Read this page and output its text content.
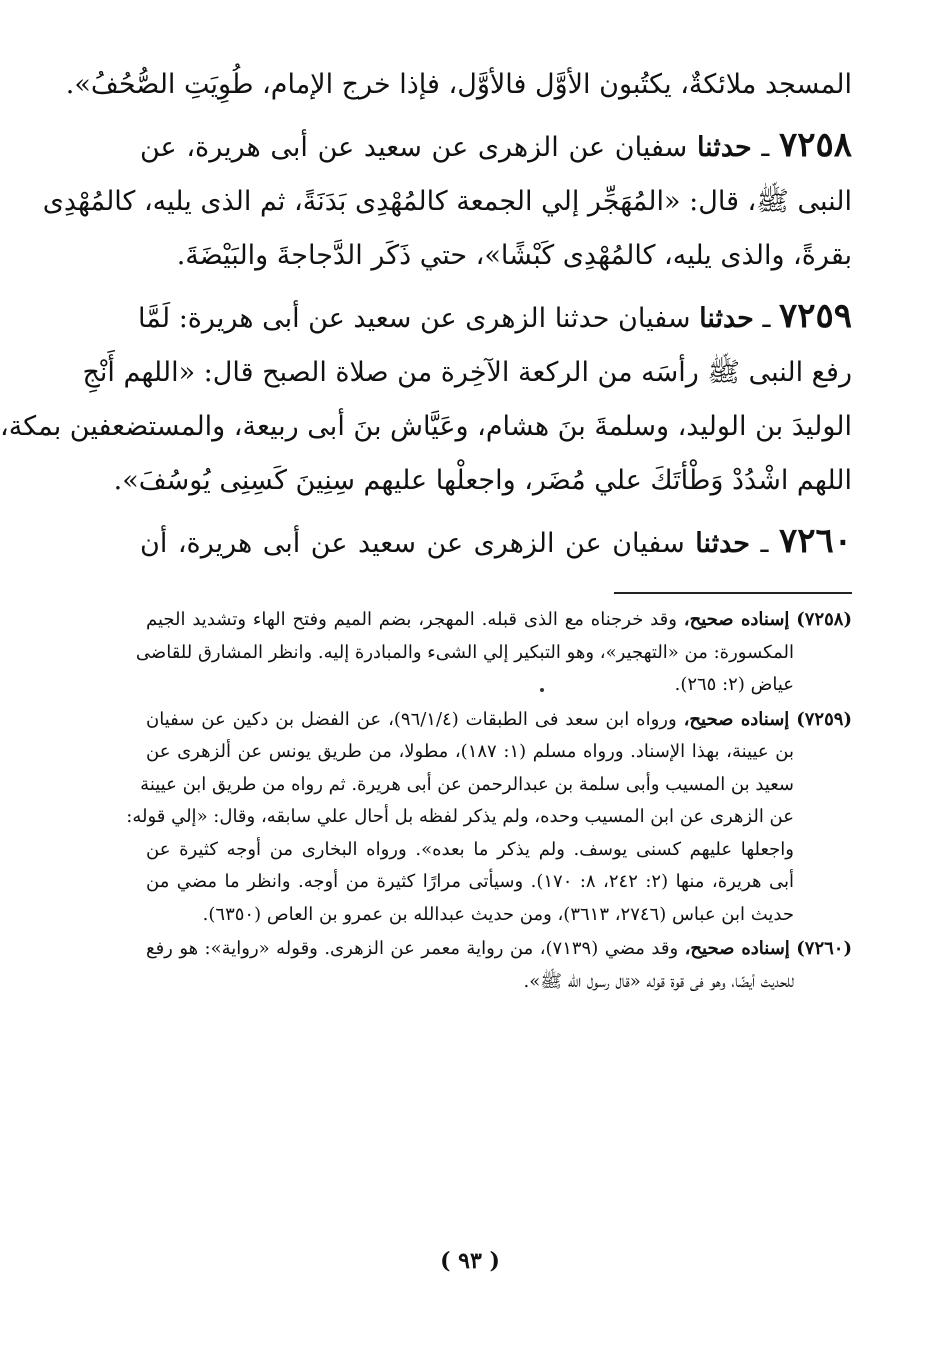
المسجد ملائكةٌ، يكتُبون الأوَّل فالأوَّل، فإذا خرج الإمام، طُوِيَتِ الصُّحُفُ».
٧٢٥٨ ـ حدثنا سفيان عن الزهرى عن سعيد عن أبى هريرة، عن
النبى ﷺ، قال: «المُهَجِّر إلي الجمعة كالمُهْدِى بَدَنَةً، ثم الذى يليه، كالمُهْدِى
بقرةً، والذى يليه، كالمُهْدِى كَبْشًا»، حتي ذَكَر الدَّجاجةَ والبَيْضَةَ.
٧٢٥٩ ـ حدثنا سفيان حدثنا الزهرى عن سعيد عن أبى هريرة: لَمَّا
رفع النبى ﷺ رأسَه من الركعة الآخِرة من صلاة الصبح قال: «اللهم أَنْجِ
الوليدَ بن الوليد، وسلمةَ بنَ هشام، وعَيَّاش بنَ أبى ربيعة، والمستضعفين بمكة،
اللهم اشْدُدْ وَطْأتَكَ علي مُضَر، واجعلْها عليهم سِنِينَ كَسِنِى يُوسُفَ».
٧٢٦٠ ـ حدثنا سفيان عن الزهرى عن سعيد عن أبى هريرة، أن
(٧٢٥٨) إسناده صحيح، وقد خرجناه مع الذى قبله. المهجر، بضم الميم وفتح الهاء وتشديد الجيم
المكسورة: من «التهجير»، وهو التبكير إلي الشىء والمبادرة إليه. وانظر المشارق للقاضى
عياض (٢: ٢٦٥).
(٧٢٥٩) إسناده صحيح، ورواه ابن سعد فى الطبقات (٩٦/١/٤)، عن الفضل بن دكين عن سفيان
بن عيينة، بهذا الإسناد. ورواه مسلم (١: ١٨٧)، مطولا، من طريق يونس عن ألزهرى عن
سعيد بن المسيب وأبى سلمة بن عبدالرحمن عن أبى هريرة. ثم رواه من طريق ابن عيينة
عن الزهرى عن ابن المسيب وحده، ولم يذكر لفظه بل أحال علي سابقه، وقال: «إلي قوله:
واجعلها عليهم كسنى يوسف. ولم يذكر ما بعده». ورواه البخارى من أوجه كثيرة عن
أبى هريرة، منها (٢: ٢٤٢، ٨: ١٧٠). وسيأتى مرارًا كثيرة من أوجه. وانظر ما مضي من
حديث ابن عباس (٢٧٤٦، ٣٦١٣)، ومن حديث عبدالله بن عمرو بن العاص (٦٣٥٠).
(٧٢٦٠) إسناده صحيح، وقد مضي (٧١٣٩)، من رواية معمر عن الزهرى. وقوله «رواية»: هو رفع
للحديث أيضًا، وهو فى قوة قوله «قال رسول الله ﷺ».
( ٩٣ )
